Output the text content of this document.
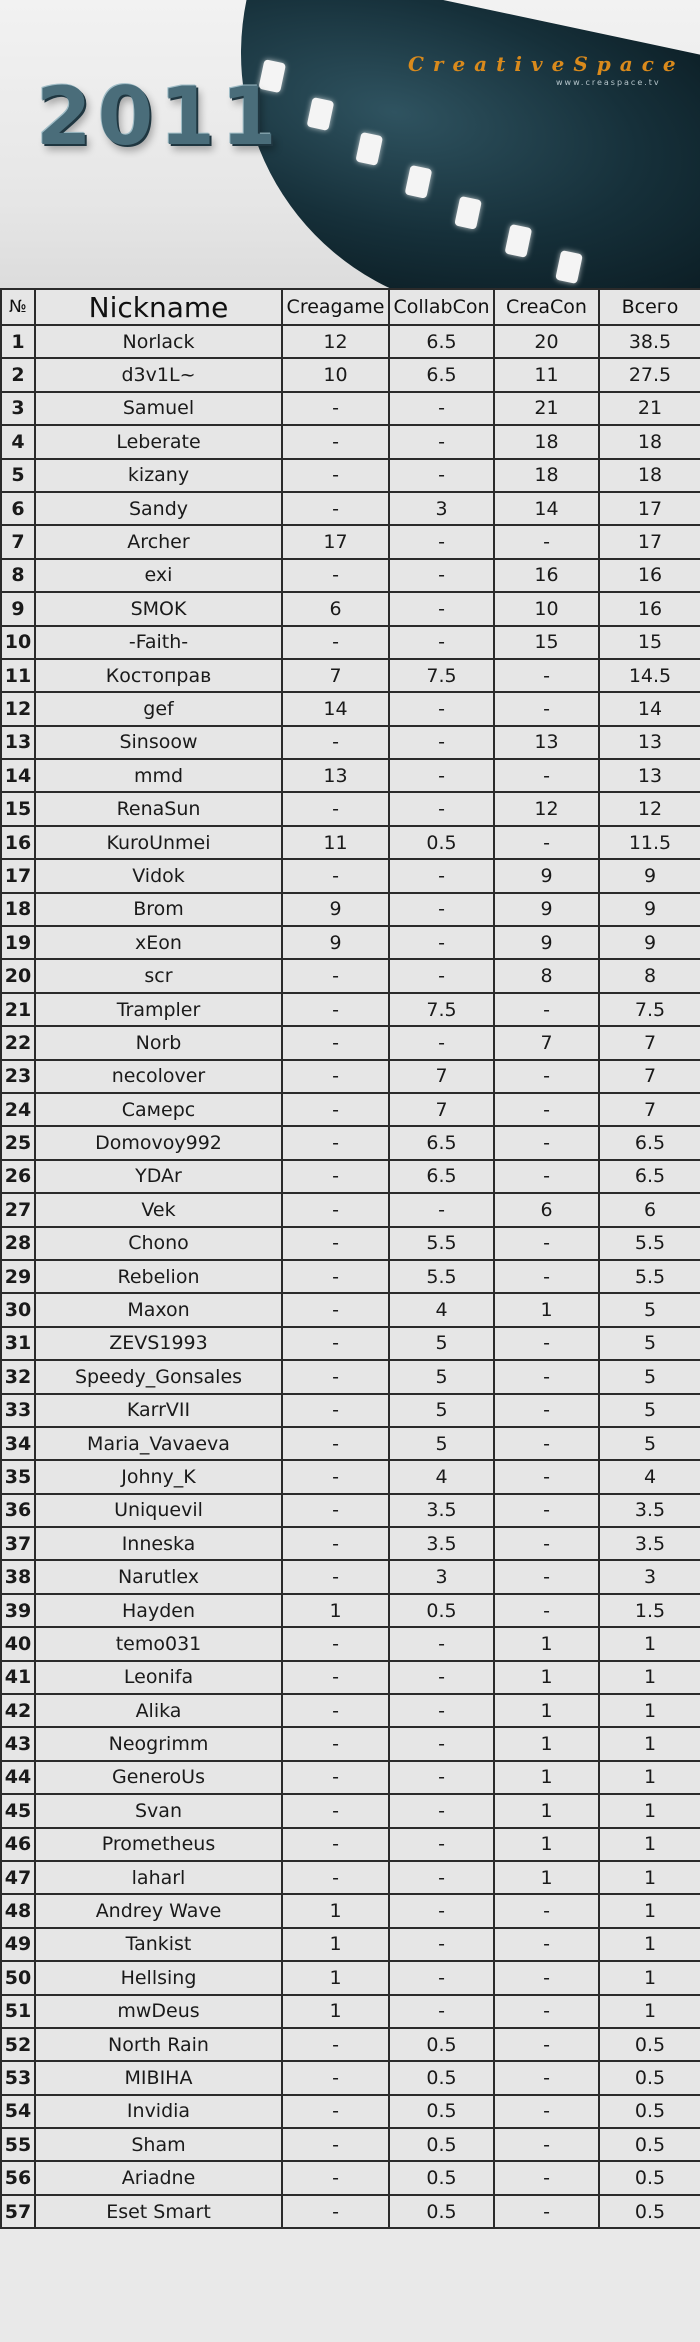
2011
CreativeSpace
www.creaspace.tv
№	Nickname	Creagame	CollabCon	CreaCon	Всего
1	Norlack	12	6.5	20	38.5
2	d3v1L~	10	6.5	11	27.5
3	Samuel	-	-	21	21
4	Leberate	-	-	18	18
5	kizany	-	-	18	18
6	Sandy	-	3	14	17
7	Archer	17	-	-	17
8	exi	-	-	16	16
9	SMOK	6	-	10	16
10	-Faith-	-	-	15	15
11	Костоправ	7	7.5	-	14.5
12	gef	14	-	-	14
13	Sinsoow	-	-	13	13
14	mmd	13	-	-	13
15	RenaSun	-	-	12	12
16	KuroUnmei	11	0.5	-	11.5
17	Vidok	-	-	9	9
18	Brom	9	-	9	9
19	xEon	9	-	9	9
20	scr	-	-	8	8
21	Trampler	-	7.5	-	7.5
22	Norb	-	-	7	7
23	necolover	-	7	-	7
24	Самерс	-	7	-	7
25	Domovoy992	-	6.5	-	6.5
26	YDAr	-	6.5	-	6.5
27	Vek	-	-	6	6
28	Chono	-	5.5	-	5.5
29	Rebelion	-	5.5	-	5.5
30	Maxon	-	4	1	5
31	ZEVS1993	-	5	-	5
32	Speedy_Gonsales	-	5	-	5
33	KarrVII	-	5	-	5
34	Maria_Vavaeva	-	5	-	5
35	Johny_K	-	4	-	4
36	Uniquevil	-	3.5	-	3.5
37	Inneska	-	3.5	-	3.5
38	Narutlex	-	3	-	3
39	Hayden	1	0.5	-	1.5
40	temo031	-	-	1	1
41	Leonifa	-	-	1	1
42	Alika	-	-	1	1
43	Neogrimm	-	-	1	1
44	GeneroUs	-	-	1	1
45	Svan	-	-	1	1
46	Prometheus	-	-	1	1
47	laharl	-	-	1	1
48	Andrey Wave	1	-	-	1
49	Tankist	1	-	-	1
50	Hellsing	1	-	-	1
51	mwDeus	1	-	-	1
52	North Rain	-	0.5	-	0.5
53	MIBIHA	-	0.5	-	0.5
54	Invidia	-	0.5	-	0.5
55	Sham	-	0.5	-	0.5
56	Ariadne	-	0.5	-	0.5
57	Eset Smart	-	0.5	-	0.5
